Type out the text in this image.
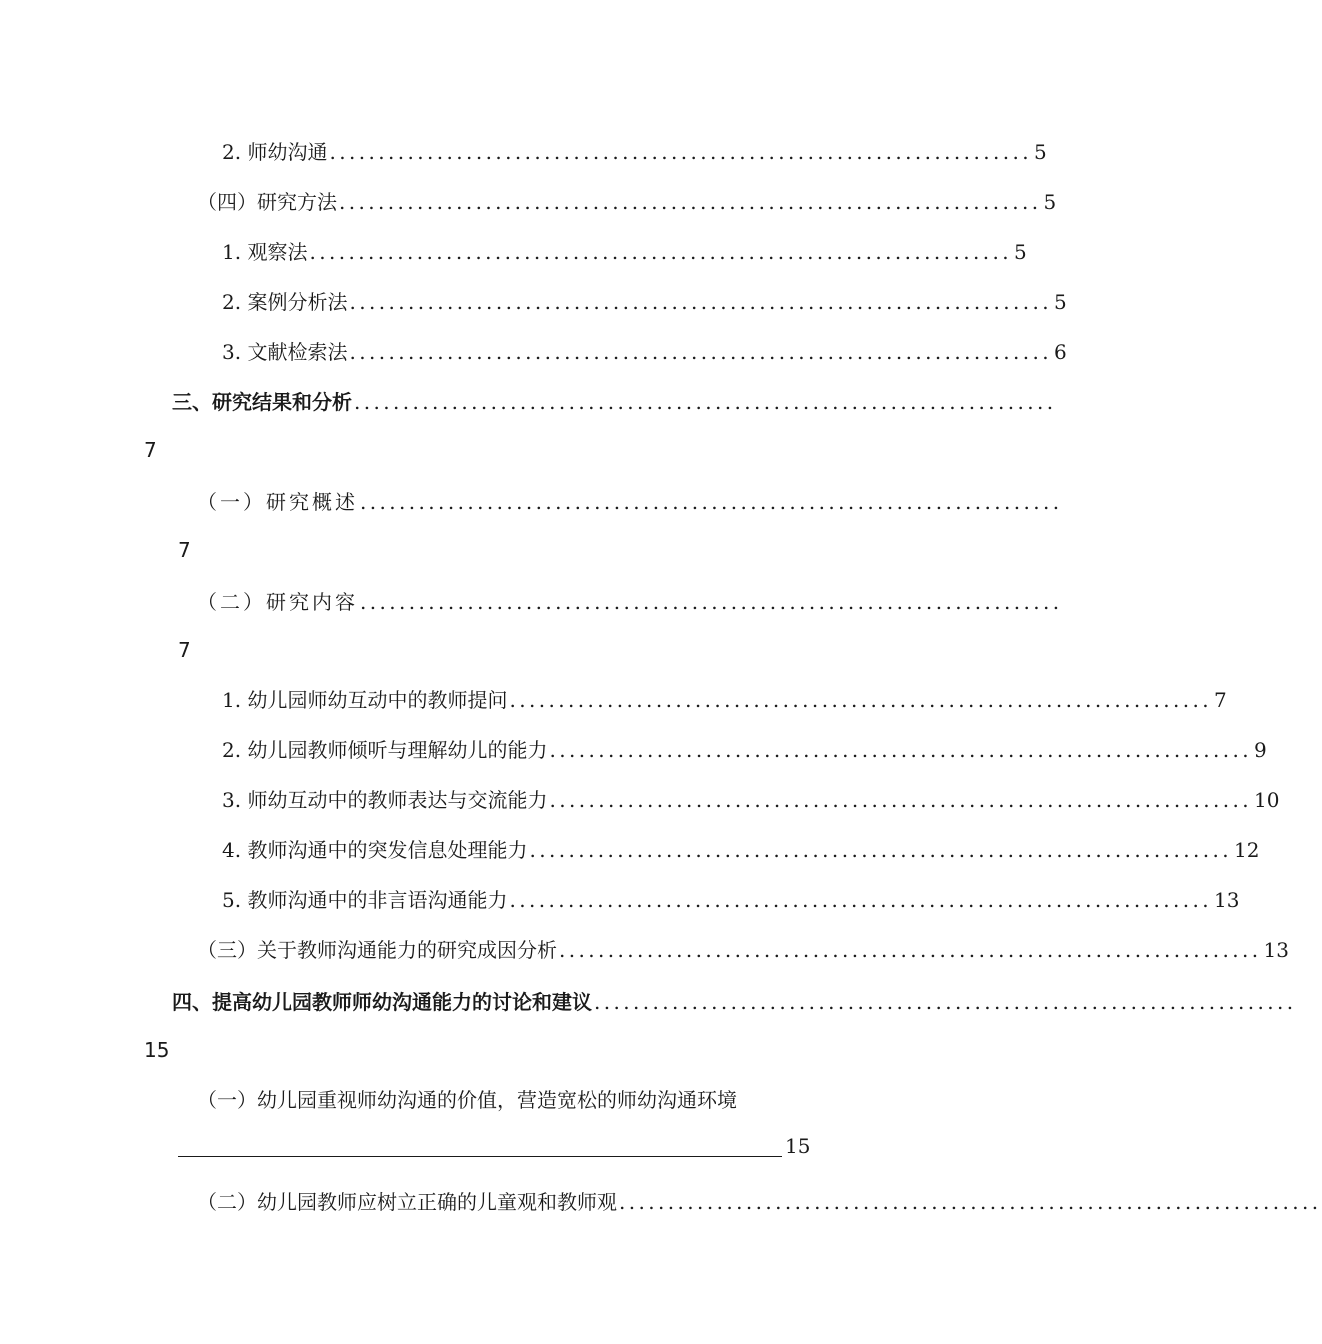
2. 师幼沟通 ........................................................................ 5
（四）研究方法 ........................................................................ 5
1. 观察法 ........................................................................ 5
2. 案例分析法 ........................................................................ 5
3. 文献检索法 ........................................................................ 6
三、研究结果和分析 ........................................................................
7
（一）研究概述 ........................................................................
7
（二）研究内容 ........................................................................
7
1. 幼儿园师幼互动中的教师提问 ........................................................................ 7
2. 幼儿园教师倾听与理解幼儿的能力 ........................................................................ 9
3. 师幼互动中的教师表达与交流能力 ........................................................................ 10
4. 教师沟通中的突发信息处理能力 ........................................................................ 12
5. 教师沟通中的非言语沟通能力 ........................................................................ 13
（三）关于教师沟通能力的研究成因分析 ........................................................................ 13
四、 提高幼儿园教师师幼沟通能力的讨论和建议 ........................................................................
15
（一）幼儿园重视师幼沟通的价值，营造宽松的师幼沟通环境
15
（二） 幼儿园教师应树立正确的儿童观和教师观 ........................................................................
